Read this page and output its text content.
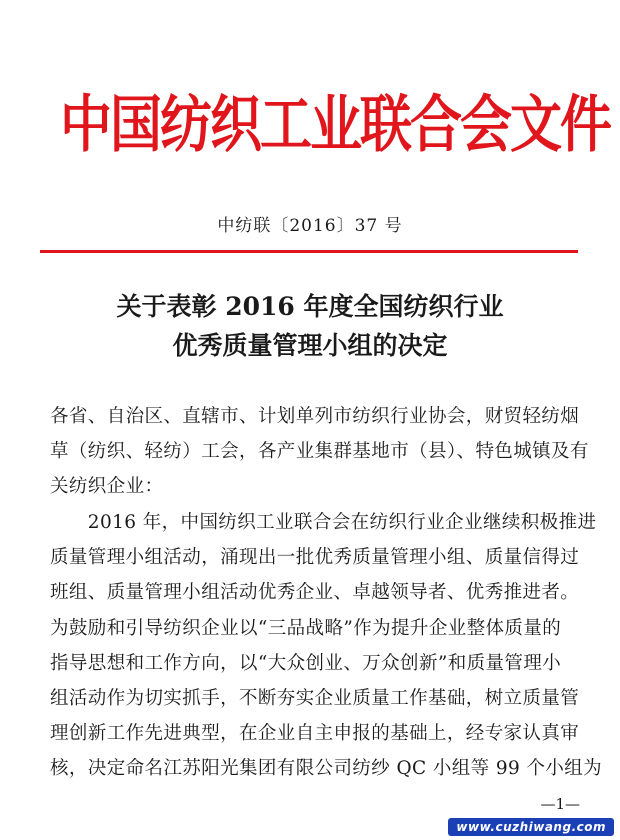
中国纺织工业联合会文件
中纺联〔2016〕37 号
关于表彰 2016 年度全国纺织行业
优秀质量管理小组的决定
各省、自治区、直辖市、计划单列市纺织行业协会，财贸轻纺烟
草（纺织、轻纺）工会，各产业集群基地市（县）、特色城镇及有
关纺织企业：
　　2016 年，中国纺织工业联合会在纺织行业企业继续积极推进
质量管理小组活动，涌现出一批优秀质量管理小组、质量信得过
班组、质量管理小组活动优秀企业、卓越领导者、优秀推进者。
为鼓励和引导纺织企业以“三品战略”作为提升企业整体质量的
指导思想和工作方向，以“大众创业、万众创新”和质量管理小
组活动作为切实抓手，不断夯实企业质量工作基础，树立质量管
理创新工作先进典型，在企业自主申报的基础上，经专家认真审
核，决定命名江苏阳光集团有限公司纺纱 QC 小组等 99 个小组为
—1—
www.cuzhiwang.com
